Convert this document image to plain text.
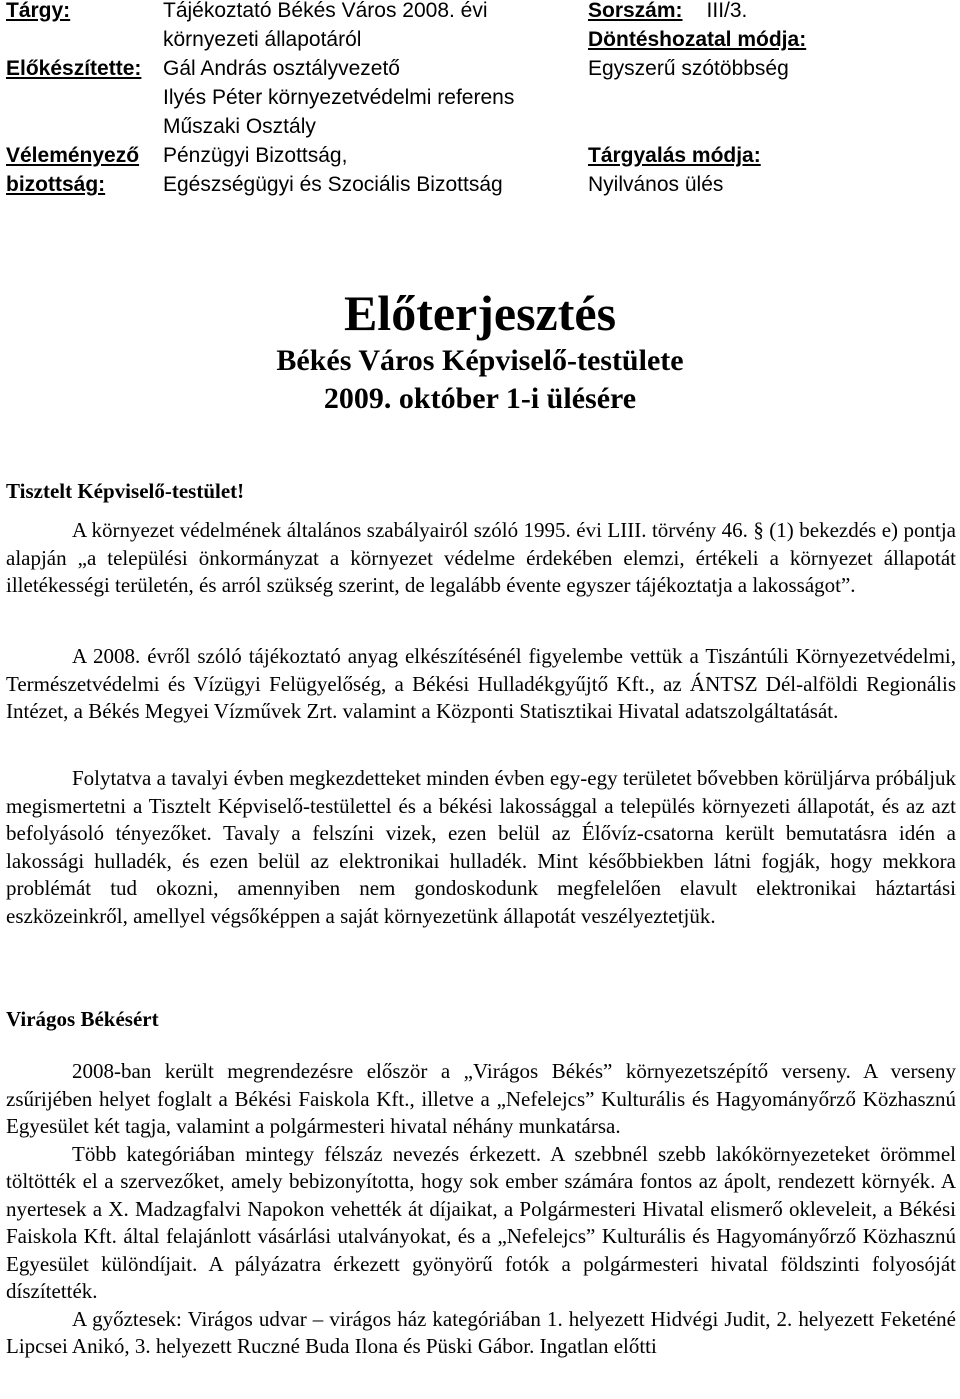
Tárgy:
Előkészítette:
Véleményező
bizottság:
Tájékoztató Békés Város 2008. évi
környezeti állapotáról
Gál András osztályvezető
Ilyés Péter környezetvédelmi referens
Műszaki Osztály
Pénzügyi Bizottság,
Egészségügyi és Szociális Bizottság
Sorszám: III/3.
Döntéshozatal módja:
Egyszerű szótöbbség
Tárgyalás módja:
Nyilvános ülés
Előterjesztés
Békés Város Képviselő-testülete
2009. október 1-i ülésére
Tisztelt Képviselő-testület!

A környezet védelmének általános szabályairól szóló 1995. évi LIII. törvény 46. § (1) bekezdés e) pontja alapján „a települési önkormányzat a környezet védelme érdekében elemzi, értékeli a környezet állapotát illetékességi területén, és arról szükség szerint, de legalább évente egyszer tájékoztatja a lakosságot”.

A 2008. évről szóló tájékoztató anyag elkészítésénél figyelembe vettük a Tiszántúli Környezetvédelmi, Természetvédelmi és Vízügyi Felügyelőség, a Békési Hulladékgyűjtő Kft., az ÁNTSZ Dél-alföldi Regionális Intézet, a Békés Megyei Vízművek Zrt. valamint a Központi Statisztikai Hivatal adatszolgáltatását.

Folytatva a tavalyi évben megkezdetteket minden évben egy-egy területet bővebben körüljárva próbáljuk megismertetni a Tisztelt Képviselő-testülettel és a békési lakossággal a település környezeti állapotát, és az azt befolyásoló tényezőket. Tavaly a felszíni vizek, ezen belül az Élővíz-csatorna került bemutatásra idén a lakossági hulladék, és ezen belül az elektronikai hulladék. Mint későbbiekben látni fogják, hogy mekkora problémát tud okozni, amennyiben nem gondoskodunk megfelelően elavult elektronikai háztartási eszközeinkről, amellyel végsőképpen a saját környezetünk állapotát veszélyeztetjük.

Virágos Békésért

2008-ban került megrendezésre először a „Virágos Békés” környezetszépítő verseny. A verseny zsűrijében helyet foglalt a Békési Faiskola Kft., illetve a „Nefelejcs” Kulturális és Hagyományőrző Közhasznú Egyesület két tagja, valamint a polgármesteri hivatal néhány munkatársa.

Több kategóriában mintegy félszáz nevezés érkezett. A szebbnél szebb lakókörnyezeteket örömmel töltötték el a szervezőket, amely bebizonyította, hogy sok ember számára fontos az ápolt, rendezett környék. A nyertesek a X. Madzagfalvi Napokon vehették át díjaikat, a Polgármesteri Hivatal elismerő okleveleit, a Békési Faiskola Kft. által felajánlott vásárlási utalványokat, és a „Nefelejcs” Kulturális és Hagyományőrző Közhasznú Egyesület különdíjait. A pályázatra érkezett gyönyörű fotók a polgármesteri hivatal földszinti folyosóját díszítették.

A győztesek: Virágos udvar – virágos ház kategóriában 1. helyezett Hidvégi Judit, 2. helyezett Feketéné Lipcsei Anikó, 3. helyezett Ruczné Buda Ilona és Püski Gábor. Ingatlan előtti
